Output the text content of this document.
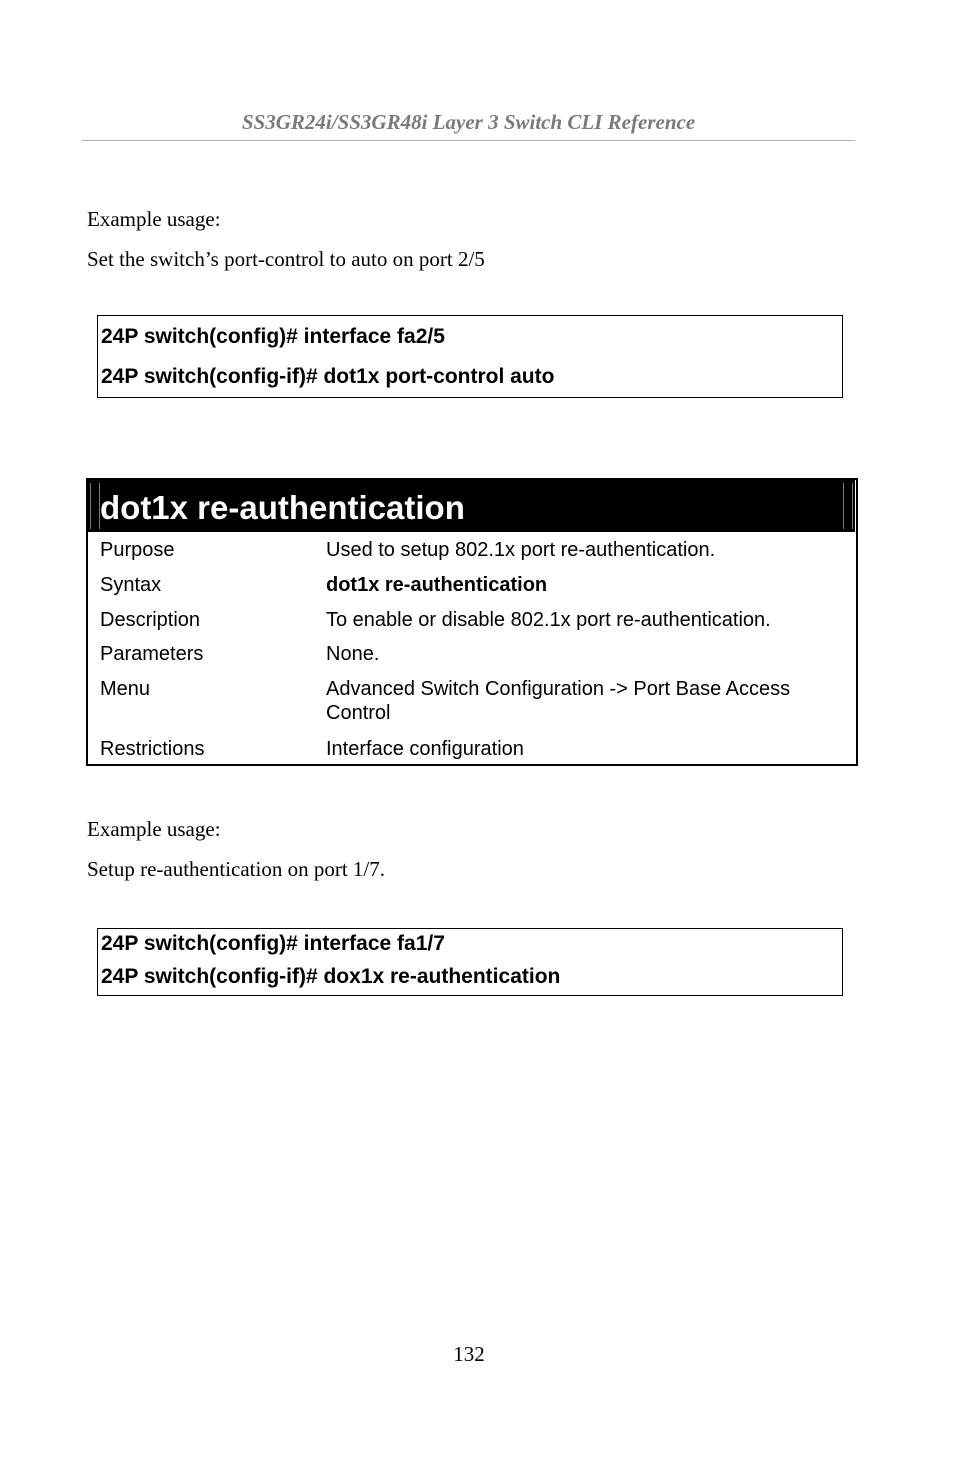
SS3GR24i/SS3GR48i Layer 3 Switch CLI Reference
Example usage:
Set the switch’s port-control to auto on port 2/5
24P switch(config)# interface fa2/5
24P switch(config-if)# dot1x port-control auto
dot1x re-authentication
Purpose	Used to setup 802.1x port re-authentication.
Syntax	dot1x re-authentication
Description	To enable or disable 802.1x port re-authentication.
Parameters	None.
Menu	Advanced Switch Configuration -> Port Base Access Control
Restrictions	Interface configuration
Example usage:
Setup re-authentication on port 1/7.
24P switch(config)# interface fa1/7
24P switch(config-if)# dox1x re-authentication
132
